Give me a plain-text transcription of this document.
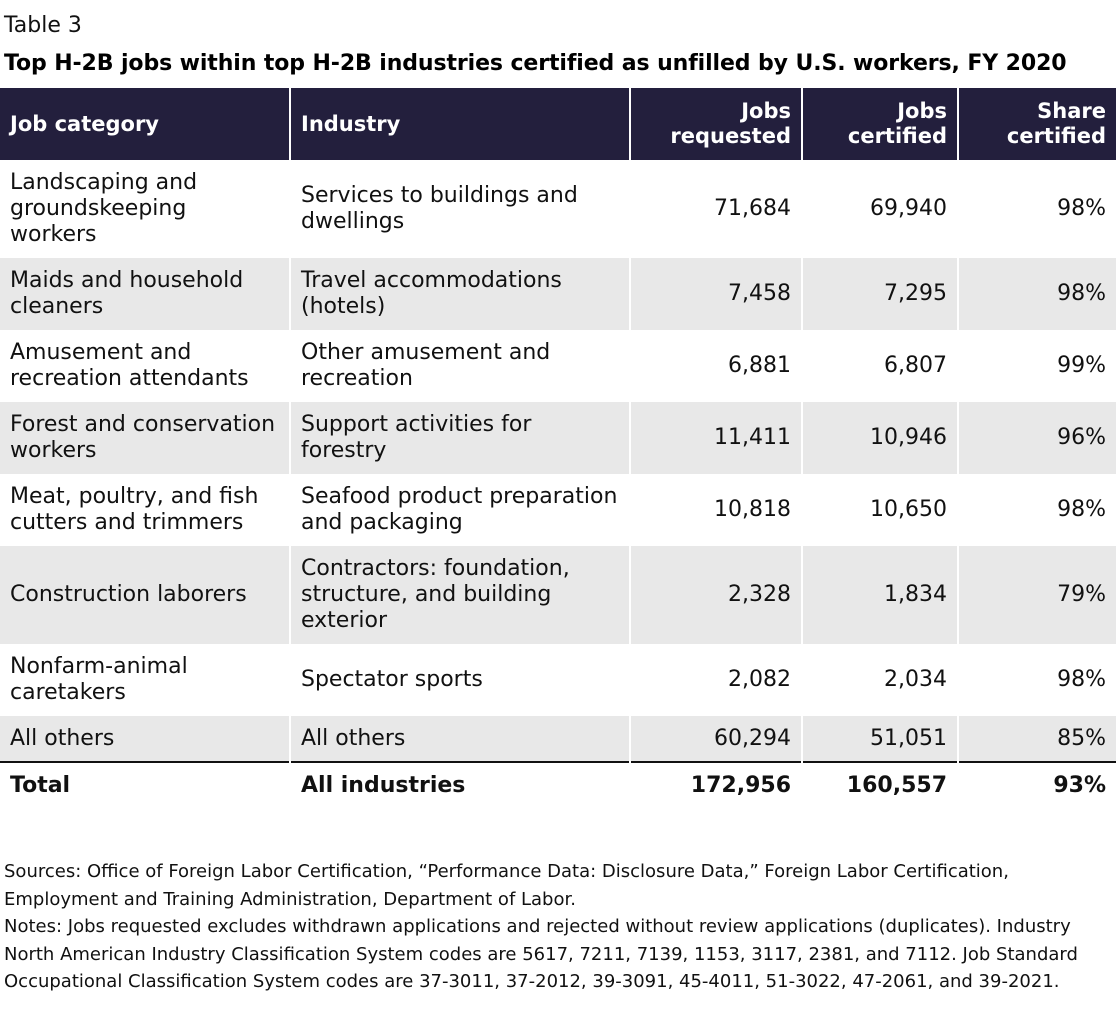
Table 3
Top H-2B jobs within top H-2B industries certified as unfilled by U.S. workers, FY 2020
Job category	Industry	Jobs requested	Jobs certified	Share certified
Landscaping and groundskeeping workers	Services to buildings and dwellings	71,684	69,940	98%
Maids and household cleaners	Travel accommodations (hotels)	7,458	7,295	98%
Amusement and recreation attendants	Other amusement and recreation	6,881	6,807	99%
Forest and conservation workers	Support activities for forestry	11,411	10,946	96%
Meat, poultry, and fish cutters and trimmers	Seafood product preparation and packaging	10,818	10,650	98%
Construction laborers	Contractors: foundation, structure, and building exterior	2,328	1,834	79%
Nonfarm-animal caretakers	Spectator sports	2,082	2,034	98%
All others	All others	60,294	51,051	85%
Total	All industries	172,956	160,557	93%

Sources: Office of Foreign Labor Certification, “Performance Data: Disclosure Data,” Foreign Labor Certification, Employment and Training Administration, Department of Labor.

Notes: Jobs requested excludes withdrawn applications and rejected without review applications (duplicates). Industry North American Industry Classification System codes are 5617, 7211, 7139, 1153, 3117, 2381, and 7112. Job Standard Occupational Classification System codes are 37-3011, 37-2012, 39-3091, 45-4011, 51-3022, 47-2061, and 39-2021.
